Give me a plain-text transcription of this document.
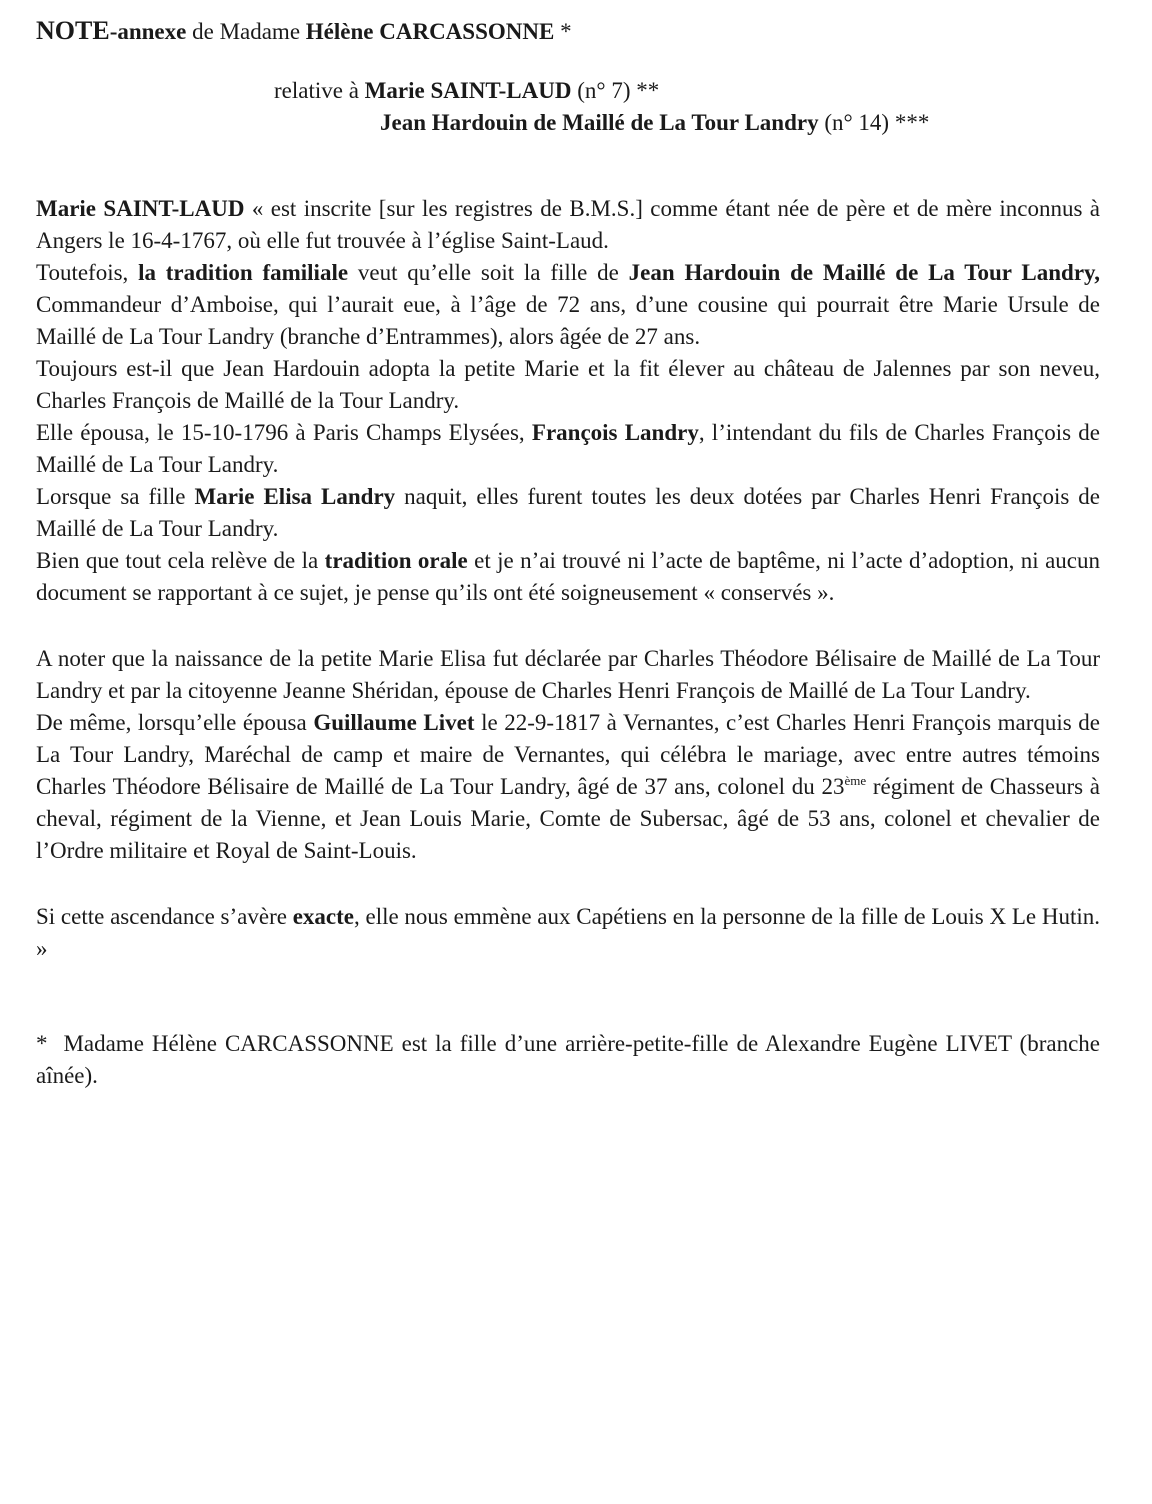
NOTE-annexe de Madame Hélène CARCASSONNE *
relative à Marie SAINT-LAUD (n° 7) **
Jean Hardouin de Maillé de La Tour Landry (n° 14) ***

Marie SAINT-LAUD « est inscrite [sur les registres de B.M.S.] comme étant née de père et de mère inconnus à Angers le 16-4-1767, où elle fut trouvée à l’église Saint-Laud.

Toutefois, la tradition familiale veut qu’elle soit la fille de Jean Hardouin de Maillé de La Tour Landry, Commandeur d’Amboise, qui l’aurait eue, à l’âge de 72 ans, d’une cousine qui pourrait être Marie Ursule de Maillé de La Tour Landry (branche d’Entrammes), alors âgée de 27 ans.

Toujours est-il que Jean Hardouin adopta la petite Marie et la fit élever au château de Jalennes par son neveu, Charles François de Maillé de la Tour Landry.

Elle épousa, le 15-10-1796 à Paris Champs Elysées, François Landry, l’intendant du fils de Charles François de Maillé de La Tour Landry.

Lorsque sa fille Marie Elisa Landry naquit, elles furent toutes les deux dotées par Charles Henri François de Maillé de La Tour Landry.

Bien que tout cela relève de la tradition orale et je n’ai trouvé ni l’acte de baptême, ni l’acte d’adoption, ni aucun document se rapportant à ce sujet, je pense qu’ils ont été soigneusement « conservés ».

A noter que la naissance de la petite Marie Elisa fut déclarée par Charles Théodore Bélisaire de Maillé de La Tour Landry et par la citoyenne Jeanne Shéridan, épouse de Charles Henri François de Maillé de La Tour Landry.

De même, lorsqu’elle épousa Guillaume Livet le 22-9-1817 à Vernantes, c’est Charles Henri François marquis de La Tour Landry, Maréchal de camp et maire de Vernantes, qui célébra le mariage, avec entre autres témoins Charles Théodore Bélisaire de Maillé de La Tour Landry, âgé de 37 ans, colonel du 23ème régiment de Chasseurs à cheval, régiment de la Vienne, et Jean Louis Marie, Comte de Subersac, âgé de 53 ans, colonel et chevalier de l’Ordre militaire et Royal de Saint-Louis.

Si cette ascendance s’avère exacte, elle nous emmène aux Capétiens en la personne de la fille de Louis X Le Hutin. »

*  Madame Hélène CARCASSONNE est la fille d’une arrière-petite-fille de Alexandre Eugène LIVET (branche aînée).
